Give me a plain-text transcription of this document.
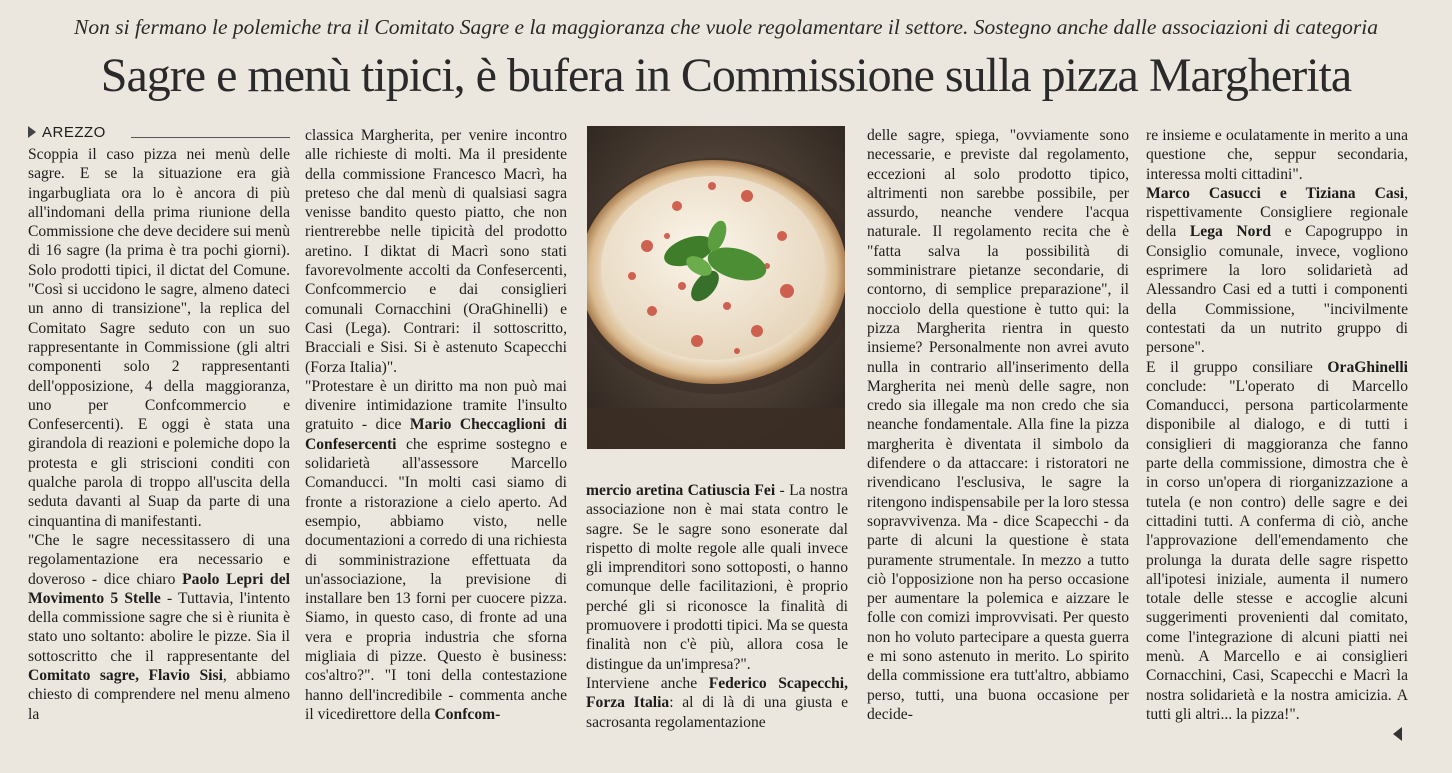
Non si fermano le polemiche tra il Comitato Sagre e la maggioranza che vuole regolamentare il settore. Sostegno anche dalle associazioni di categoria
Sagre e menù tipici, è bufera in Commissione sulla pizza Margherita
AREZZO

Scoppia il caso pizza nei menù delle sagre. E se la situazione era già ingarbugliata ora lo è ancora di più all'indomani della prima riunione della Commissione che deve decidere sui menù di 16 sagre (la prima è tra pochi giorni). Solo prodotti tipici, il dictat del Comune. "Così si uccidono le sagre, almeno dateci un anno di transizione", la replica del Comitato Sagre seduto con un suo rappresentante in Commissione (gli altri componenti solo 2 rappresentanti dell'opposizione, 4 della maggioranza, uno per Confcommercio e Confesercenti). E oggi è stata una girandola di reazioni e polemiche dopo la protesta e gli striscioni conditi con qualche parola di troppo all'uscita della seduta davanti al Suap da parte di una cinquantina di manifestanti.

"Che le sagre necessitassero di una regolamentazione era necessario e doveroso - dice chiaro Paolo Lepri del Movimento 5 Stelle - Tuttavia, l'intento della commissione sagre che si è riunita è stato uno soltanto: abolire le pizze. Sia il sottoscritto che il rappresentante del Comitato sagre, Flavio Sisi, abbiamo chiesto di comprendere nel menu almeno la

classica Margherita, per venire incontro alle richieste di molti. Ma il presidente della commissione Francesco Macrì, ha preteso che dal menù di qualsiasi sagra venisse bandito questo piatto, che non rientrerebbe nelle tipicità del prodotto aretino. I diktat di Macrì sono stati favorevolmente accolti da Confesercenti, Confcommercio e dai consiglieri comunali Cornacchini (OraGhinelli) e Casi (Lega). Contrari: il sottoscritto, Bracciali e Sisi. Si è astenuto Scapecchi (Forza Italia)".

"Protestare è un diritto ma non può mai divenire intimidazione tramite l'insulto gratuito - dice Mario Checcaglioni di Confesercenti che esprime sostegno e solidarietà all'assessore Marcello Comanducci. "In molti casi siamo di fronte a ristorazione a cielo aperto. Ad esempio, abbiamo visto, nelle documentazioni a corredo di una richiesta di somministrazione effettuata da un'associazione, la previsione di installare ben 13 forni per cuocere pizza. Siamo, in questo caso, di fronte ad una vera e propria industria che sforna migliaia di pizze. Questo è business: cos'altro?". "I toni della contestazione hanno dell'incredibile - commenta anche il vicedirettore della Confcom-

mercio aretina Catiuscia Fei - La nostra associazione non è mai stata contro le sagre. Se le sagre sono esonerate dal rispetto di molte regole alle quali invece gli imprenditori sono sottoposti, o hanno comunque delle facilitazioni, è proprio perché gli si riconosce la finalità di promuovere i prodotti tipici. Ma se questa finalità non c'è più, allora cosa le distingue da un'impresa?".

Interviene anche Federico Scapecchi, Forza Italia: al di là di una giusta e sacrosanta regolamentazione

delle sagre, spiega, "ovviamente sono necessarie, e previste dal regolamento, eccezioni al solo prodotto tipico, altrimenti non sarebbe possibile, per assurdo, neanche vendere l'acqua naturale. Il regolamento recita che è "fatta salva la possibilità di somministrare pietanze secondarie, di contorno, di semplice preparazione", il nocciolo della questione è tutto qui: la pizza Margherita rientra in questo insieme? Personalmente non avrei avuto nulla in contrario all'inserimento della Margherita nei menù delle sagre, non credo sia illegale ma non credo che sia neanche fondamentale. Alla fine la pizza margherita è diventata il simbolo da difendere o da attaccare: i ristoratori ne rivendicano l'esclusiva, le sagre la ritengono indispensabile per la loro stessa sopravvivenza. Ma - dice Scapecchi - da parte di alcuni la questione è stata puramente strumentale. In mezzo a tutto ciò l'opposizione non ha perso occasione per aumentare la polemica e aizzare le folle con comizi improvvisati. Per questo non ho voluto partecipare a questa guerra e mi sono astenuto in merito. Lo spirito della commissione era tutt'altro, abbiamo perso, tutti, una buona occasione per decide-

re insieme e oculatamente in merito a una questione che, seppur secondaria, interessa molti cittadini".

Marco Casucci e Tiziana Casi, rispettivamente Consigliere regionale della Lega Nord e Capogruppo in Consiglio comunale, invece, vogliono esprimere la loro solidarietà ad Alessandro Casi ed a tutti i componenti della Commissione, "incivilmente contestati da un nutrito gruppo di persone".

E il gruppo consiliare OraGhinelli conclude: "L'operato di Marcello Comanducci, persona particolarmente disponibile al dialogo, e di tutti i consiglieri di maggioranza che fanno parte della commissione, dimostra che è in corso un'opera di riorganizzazione a tutela (e non contro) delle sagre e dei cittadini tutti. A conferma di ciò, anche l'approvazione dell'emendamento che prolunga la durata delle sagre rispetto all'ipotesi iniziale, aumenta il numero totale delle stesse e accoglie alcuni suggerimenti provenienti dal comitato, come l'integrazione di alcuni piatti nei menù. A Marcello e ai consiglieri Cornacchini, Casi, Scapecchi e Macrì la nostra solidarietà e la nostra amicizia. A tutti gli altri... la pizza!".
